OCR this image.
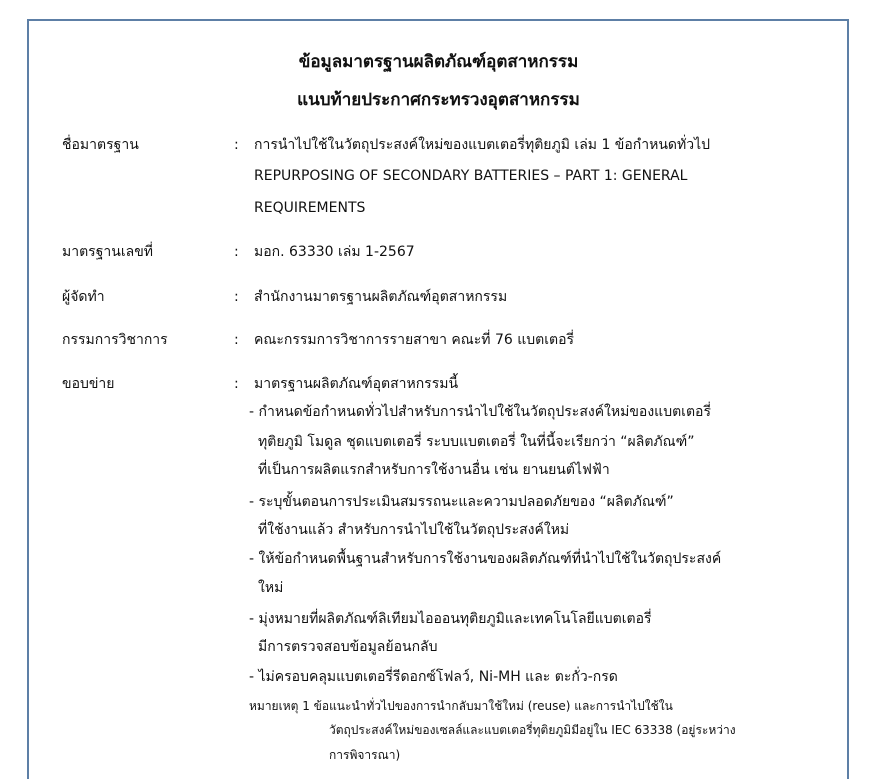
ข้อมูลมาตรฐานผลิตภัณฑ์อุตสาหกรรม
แนบท้ายประกาศกระทรวงอุตสาหกรรม
ชื่อมาตรฐาน	: การนำไปใช้ในวัตถุประสงค์ใหม่ของแบตเตอรี่ทุติยภูมิ เล่ม 1 ข้อกำหนดทั่วไป
REPURPOSING OF SECONDARY BATTERIES – PART 1: GENERAL
REQUIREMENTS
มาตรฐานเลขที่	: มอก. 63330 เล่ม 1-2567
ผู้จัดทำ	: สำนักงานมาตรฐานผลิตภัณฑ์อุตสาหกรรม
กรรมการวิชาการ	: คณะกรรมการวิชาการรายสาขา คณะที่ 76 แบตเตอรี่
ขอบข่าย	: มาตรฐานผลิตภัณฑ์อุตสาหกรรมนี้
- กำหนดข้อกำหนดทั่วไปสำหรับการนำไปใช้ในวัตถุประสงค์ใหม่ของแบตเตอรี่
ทุติยภูมิ โมดูล ชุดแบตเตอรี่ ระบบแบตเตอรี่ ในที่นี้จะเรียกว่า “ผลิตภัณฑ์”
ที่เป็นการผลิตแรกสำหรับการใช้งานอื่น เช่น ยานยนต์ไฟฟ้า
- ระบุขั้นตอนการประเมินสมรรถนะและความปลอดภัยของ “ผลิตภัณฑ์”
ที่ใช้งานแล้ว สำหรับการนำไปใช้ในวัตถุประสงค์ใหม่
- ให้ข้อกำหนดพื้นฐานสำหรับการใช้งานของผลิตภัณฑ์ที่นำไปใช้ในวัตถุประสงค์
ใหม่
- มุ่งหมายที่ผลิตภัณฑ์ลิเทียมไอออนทุติยภูมิและเทคโนโลยีแบตเตอรี่
มีการตรวจสอบข้อมูลย้อนกลับ
- ไม่ครอบคลุมแบตเตอรี่รีดอกซ์โฟลว์, Ni-MH และ ตะกั่ว-กรด
หมายเหตุ 1 ข้อแนะนำทั่วไปของการนำกลับมาใช้ใหม่ (reuse) และการนำไปใช้ใน
วัตถุประสงค์ใหม่ของเซลล์และแบตเตอรี่ทุติยภูมิมีอยู่ใน IEC 63338 (อยู่ระหว่าง
การพิจารณา)
